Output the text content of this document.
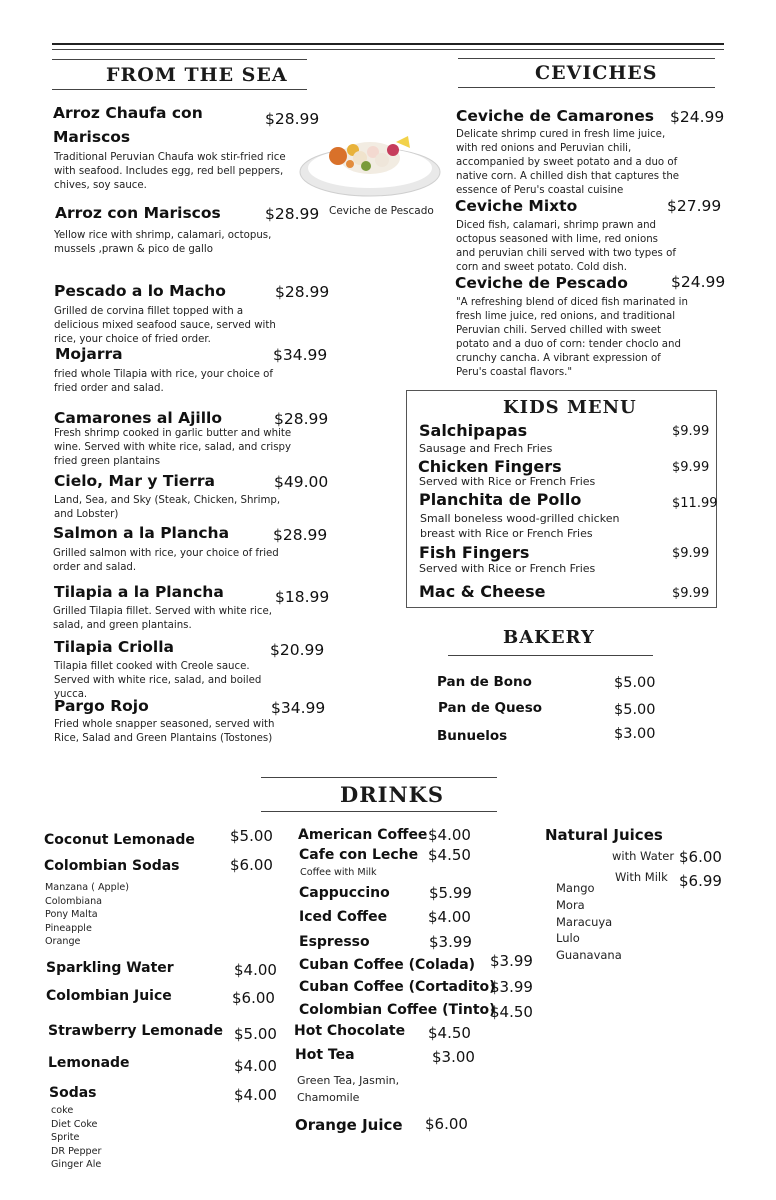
FROM THE SEA
Arroz Chaufa con
Mariscos
$28.99
Traditional Peruvian Chaufa wok stir-fried rice with seafood. Includes egg, red bell peppers, chives, soy sauce.
Ceviche de Pescado
Arroz con Mariscos	$28.99
Yellow rice with shrimp, calamari, octopus, mussels ,prawn & pico de gallo
Pescado a lo Macho	$28.99
Grilled de corvina fillet topped with a delicious mixed seafood sauce, served with rice, your choice of fried order.
Mojarra	$34.99
fried whole Tilapia with rice, your choice of fried order and salad.
Camarones al Ajillo	$28.99
Fresh shrimp cooked in garlic butter and white wine. Served with white rice, salad, and crispy fried green plantains
Cielo, Mar y Tierra	$49.00
Land, Sea, and Sky (Steak, Chicken, Shrimp, and Lobster)
Salmon a la Plancha	$28.99
Grilled salmon with rice, your choice of fried order and salad.
Tilapia a la Plancha	$18.99
Grilled Tilapia fillet. Served with white rice, salad, and green plantains.
Tilapia Criolla	$20.99
Tilapia fillet cooked with Creole sauce. Served with white rice, salad, and boiled yucca.
Pargo Rojo	$34.99
Fried whole snapper seasoned, served with Rice, Salad and Green Plantains (Tostones)
CEVICHES
Ceviche de Camarones $24.99
Delicate shrimp cured in fresh lime juice, with red onions and Peruvian chili, accompanied by sweet potato and a duo of native corn. A chilled dish that captures the essence of Peru's coastal cuisine
Ceviche Mixto	$27.99
Diced fish, calamari, shrimp prawn and octopus seasoned with lime, red onions and peruvian chili served with two types of corn and sweet potato. Cold dish.
Ceviche de Pescado	$24.99
"A refreshing blend of diced fish marinated in fresh lime juice, red onions, and traditional Peruvian chili. Served chilled with sweet potato and a duo of corn: tender choclo and crunchy cancha. A vibrant expression of Peru's coastal flavors."
KIDS MENU
Salchipapas	$9.99
Sausage and Frech Fries
Chicken Fingers	$9.99
Served with Rice or French Fries
Planchita de Pollo	$11.99
Small boneless wood-grilled chicken breast with Rice or French Fries
Fish Fingers	$9.99
Served with Rice or French Fries
Mac & Cheese	$9.99
BAKERY
Pan de Bono	$5.00
Pan de Queso	$5.00
Bunuelos	$3.00
DRINKS
Coconut Lemonade $5.00
Colombian Sodas	$6.00
Manzana ( Apple)
Colombiana
Pony Malta
Pineapple
Orange
Sparkling Water	$4.00
Colombian Juice	$6.00
Strawberry Lemonade $5.00
Lemonade	$4.00
Sodas	$4.00
coke
Diet Coke
Sprite
DR Pepper
Ginger Ale
American Coffee $4.00
Cafe con Leche $4.50
Coffee with Milk
Cappuccino	$5.99
Iced Coffee	$4.00
Espresso	$3.99
Cuban Coffee (Colada) $3.99
Cuban Coffee (Cortadito)
$3.99
Colombian Coffee (Tinto)
$4.50
Hot Chocolate $4.50
Hot Tea	$3.00
Green Tea, Jasmin, Chamomile
Orange Juice $6.00
Natural Juices
with Water $6.00
With Milk $6.99
Mango
Mora
Maracuya
Lulo
Guanavana
